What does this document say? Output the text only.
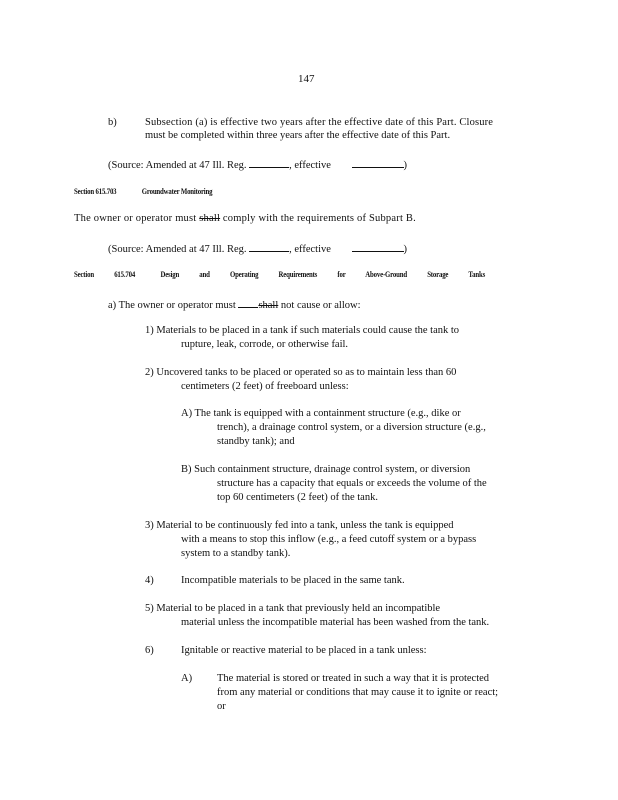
147
b)	Subsection (a) is effective two years after the effective date of this Part. Closure
must be completed within three years after the effective date of this Part.
(Source: Amended at 47 Ill. Reg.	, effective	)
Section 615.703	Groundwater Monitoring
The owner or operator must shall comply with the requirements of Subpart B.
(Source: Amended at 47 Ill. Reg.	, effective	)
Section 615.704	Design and Operating Requirements for Above-Ground Storage Tanks
a) The owner or operator must shall not cause or allow:
1) Materials to be placed in a tank if such materials could cause the tank to
rupture, leak, corrode, or otherwise fail.
2) Uncovered tanks to be placed or operated so as to maintain less than 60
centimeters (2 feet) of freeboard unless:
A) The tank is equipped with a containment structure (e.g., dike or
trench), a drainage control system, or a diversion structure (e.g.,
standby tank); and
B) Such containment structure, drainage control system, or diversion
structure has a capacity that equals or exceeds the volume of the
top 60 centimeters (2 feet) of the tank.
3) Material to be continuously fed into a tank, unless the tank is equipped
with a means to stop this inflow (e.g., a feed cutoff system or a bypass
system to a standby tank).
4)	Incompatible materials to be placed in the same tank.
5) Material to be placed in a tank that previously held an incompatible
material unless the incompatible material has been washed from the tank.
6)	Ignitable or reactive material to be placed in a tank unless:
A) The material is stored or treated in such a way that it is protected
from any material or conditions that may cause it to ignite or react;
or
